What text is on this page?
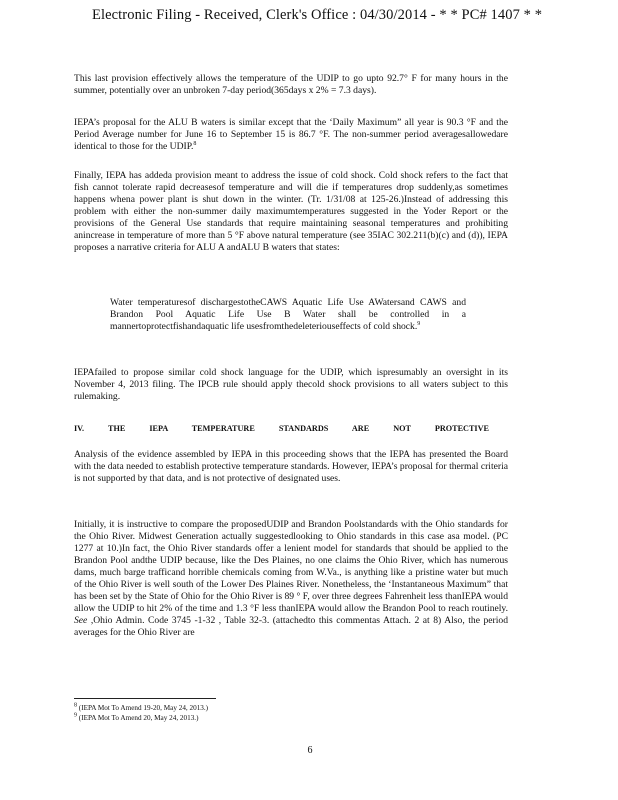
Electronic Filing - Received, Clerk's Office : 04/30/2014 - * * PC# 1407 * *

This last provision effectively allows the temperature of the UDIP to go upto 92.7° F for many hours in the summer, potentially over an unbroken 7-day period(365days x 2% = 7.3 days).

IEPA’s proposal for the ALU B waters is similar except that the ‘Daily Maximum” all year is 90.3 °F and the Period Average number for June 16 to September 15 is 86.7 °F. The non-summer period averagesallowedare identical to those for the UDIP.$^8$

Finally, IEPA has addeda provision meant to address the issue of cold shock. Cold shock refers to the fact that fish cannot tolerate rapid decreasesof temperature and will die if temperatures drop suddenly,as sometimes happens whena power plant is shut down in the winter. (Tr. 1/31/08 at 125-26.)Instead of addressing this problem with either the non-summer daily maximumtemperatures suggested in the Yoder Report or the provisions of the General Use standards that require maintaining seasonal temperatures and prohibiting anincrease in temperature of more than 5 °F above natural temperature (see 35IAC 302.211(b)(c) and (d)), IEPA proposes a narrative criteria for ALU A andALU B waters that states:

Water temperaturesof dischargestotheCAWS Aquatic Life Use AWatersand CAWS and Brandon Pool Aquatic Life Use B Water shall be controlled in a mannertoprotectfishandaquatic life usesfromthedeleteriouseffects of cold shock.$^9$

IEPAfailed to propose similar cold shock language for the UDIP, which ispresumably an oversight in its November 4, 2013 filing. The IPCB rule should apply thecold shock provisions to all waters subject to this rulemaking.

IV. THE IEPA TEMPERATURE STANDARDS ARE NOT PROTECTIVE

Analysis of the evidence assembled by IEPA in this proceeding shows that the IEPA has presented the Board with the data needed to establish protective temperature standards. However, IEPA’s proposal for thermal criteria is not supported by that data, and is not protective of designated uses.

Initially, it is instructive to compare the proposedUDIP and Brandon Poolstandards with the Ohio standards for the Ohio River. Midwest Generation actually suggestedlooking to Ohio standards in this case asa model. (PC 1277 at 10.)In fact, the Ohio River standards offer a lenient model for standards that should be applied to the Brandon Pool andthe UDIP because, like the Des Plaines, no one claims the Ohio River, which has numerous dams, much barge trafficand horrible chemicals coming from W.Va., is anything like a pristine water but much of the Ohio River is well south of the Lower Des Plaines River. Nonetheless, the ‘Instantaneous Maximum” that has been set by the State of Ohio for the Ohio River is 89 ° F, over three degrees Fahrenheit less thanIEPA would allow the UDIP to hit 2% of the time and 1.3 °F less thanIEPA would allow the Brandon Pool to reach routinely. See ,Ohio Admin. Code 3745 -1-32 , Table 32-3. (attachedto this commentas Attach. 2 at 8) Also, the period averages for the Ohio River are

$^8$ (IEPA Mot To Amend 19-20, May 24, 2013.)
$^9$ (IEPA Mot To Amend 20, May 24, 2013.)
6
